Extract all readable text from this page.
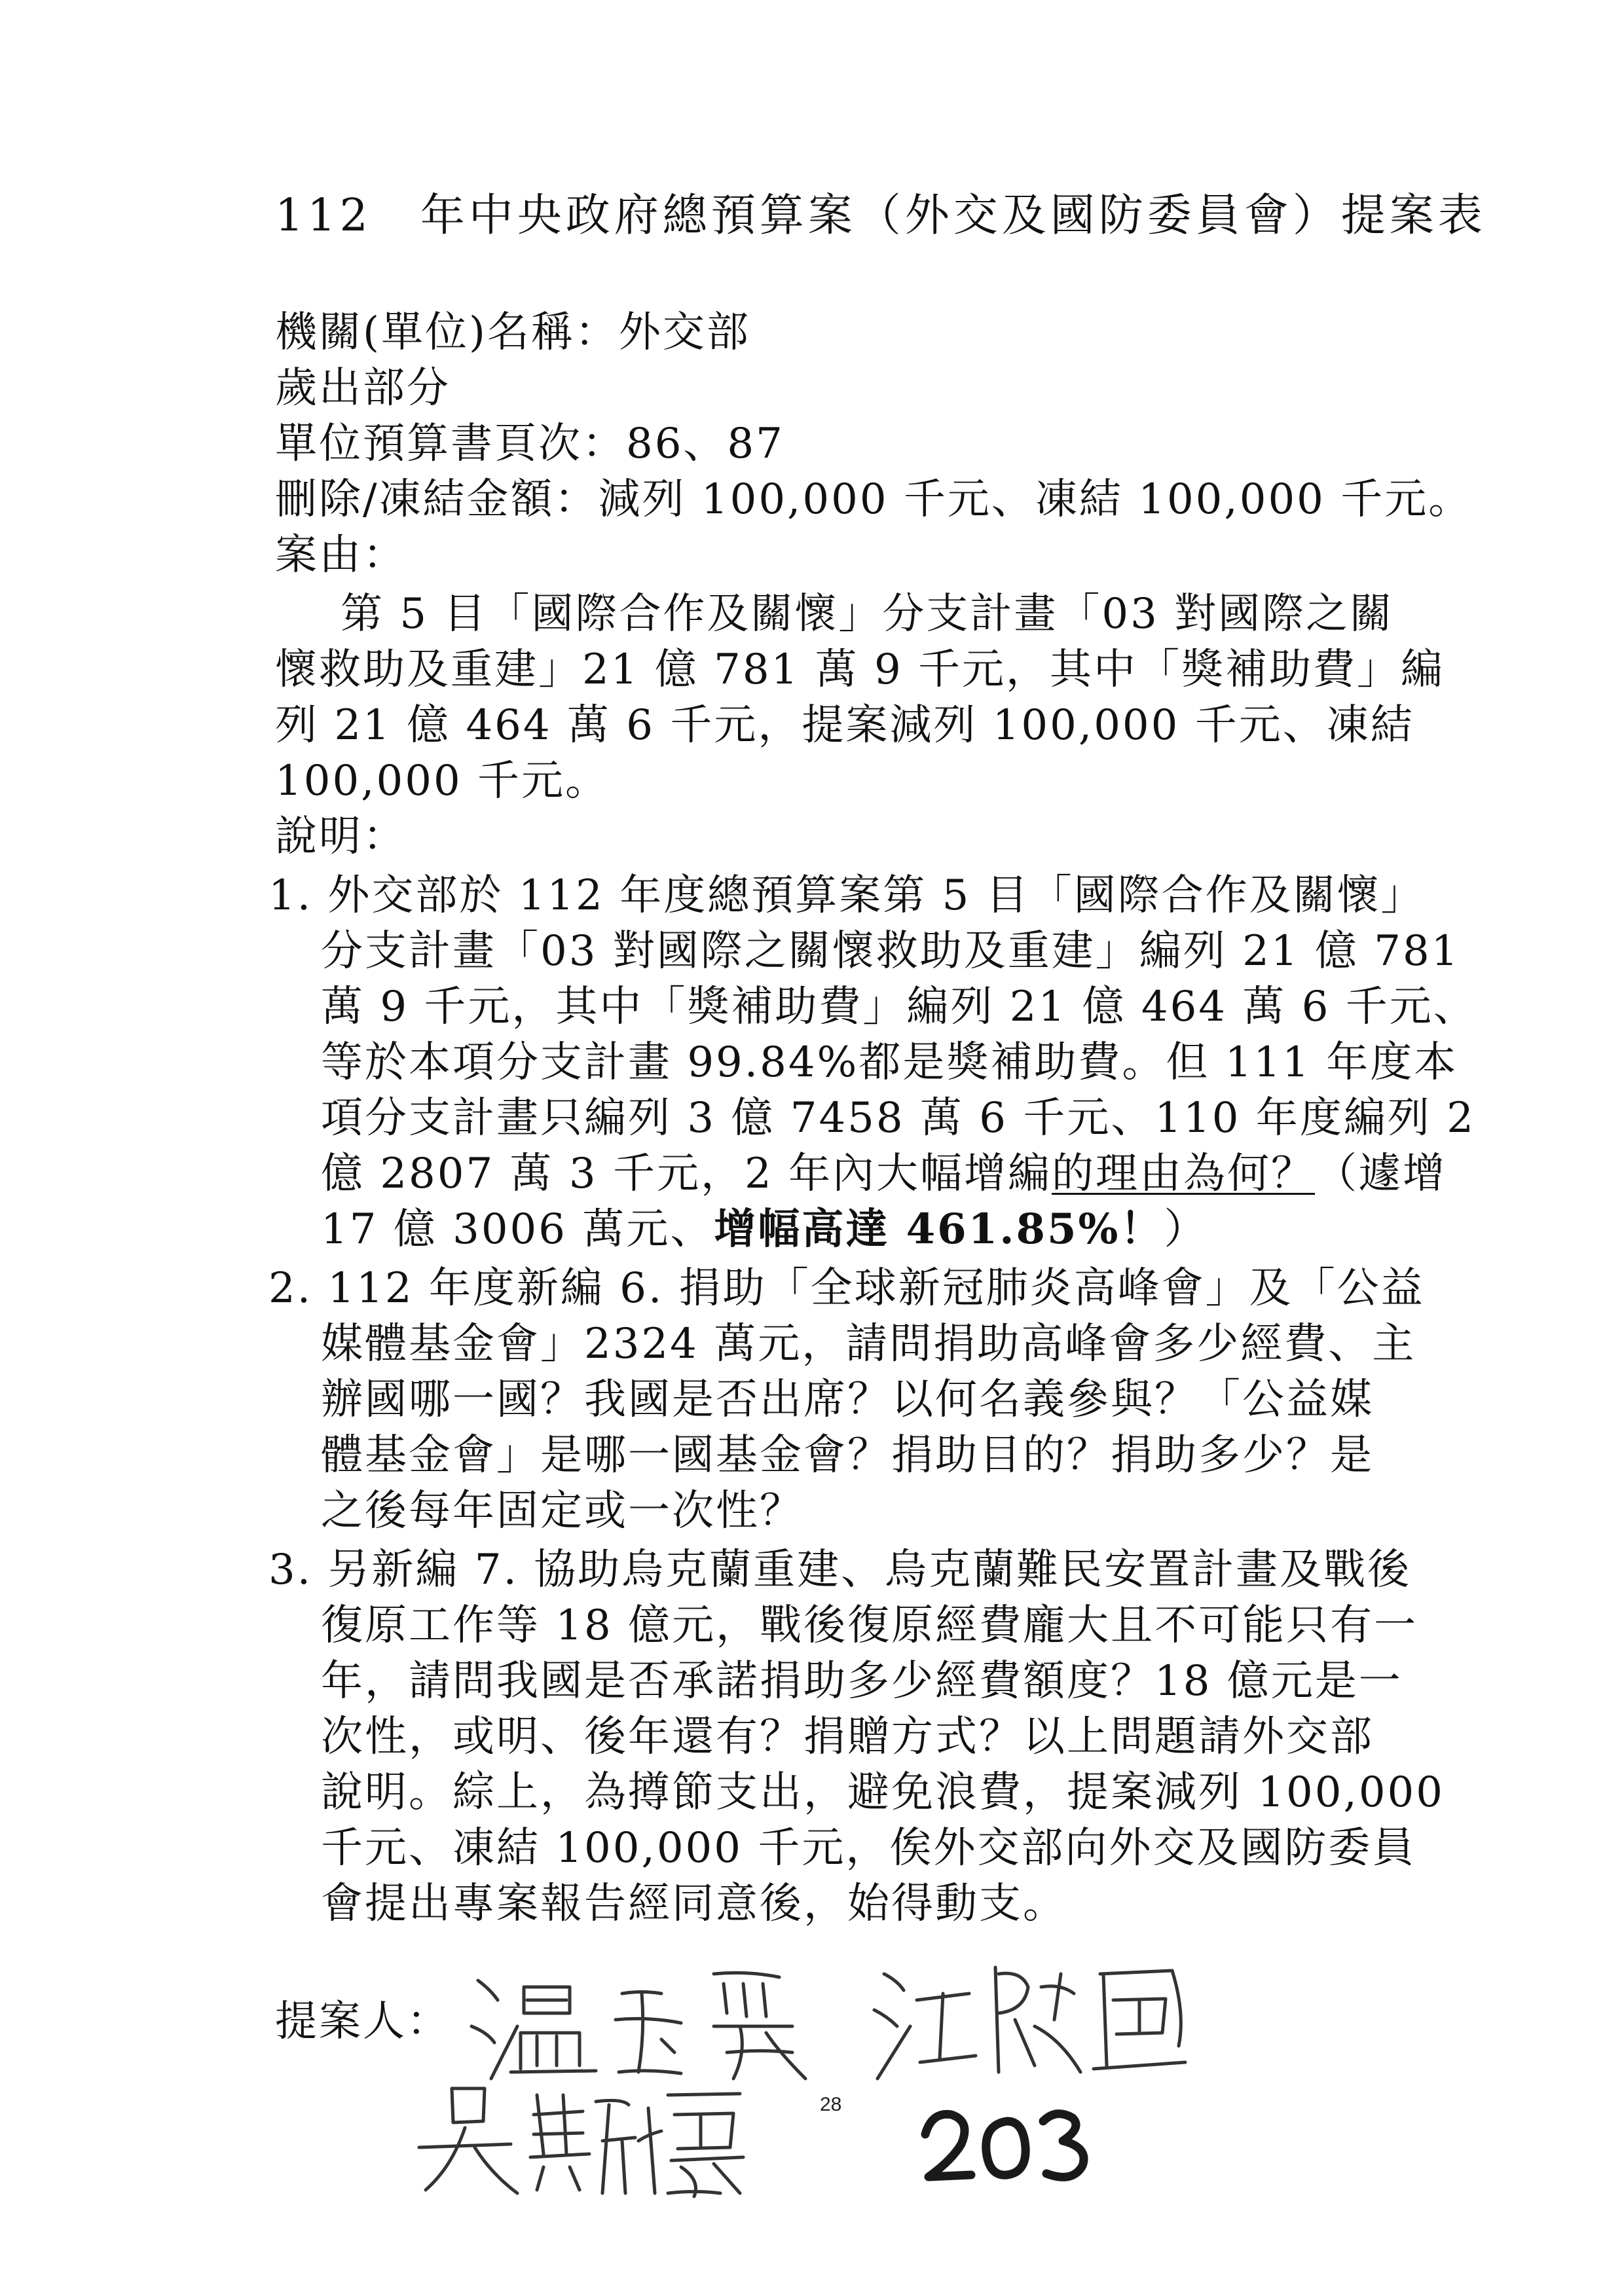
112　年中央政府總預算案（外交及國防委員會）提案表
機關(單位)名稱：外交部
歲出部分
單位預算書頁次：86、87
刪除/凍結金額：減列 100,000 千元、凍結 100,000 千元。
案由：
第 5 目「國際合作及關懷」分支計畫「03 對國際之關
懷救助及重建」21 億 781 萬 9 千元，其中「獎補助費」編
列 21 億 464 萬 6 千元，提案減列 100,000 千元、凍結
100,000 千元。
說明：
1. 外交部於 112 年度總預算案第 5 目「國際合作及關懷」
分支計畫「03 對國際之關懷救助及重建」編列 21 億 781
萬 9 千元，其中「獎補助費」編列 21 億 464 萬 6 千元、
等於本項分支計畫 99.84%都是獎補助費。但 111 年度本
項分支計畫只編列 3 億 7458 萬 6 千元、110 年度編列 2
億 2807 萬 3 千元，2 年內大幅增編的理由為何？（遽增
17 億 3006 萬元、增幅高達 461.85%！）
2. 112 年度新編 6. 捐助「全球新冠肺炎高峰會」及「公益
媒體基金會」2324 萬元，請問捐助高峰會多少經費、主
辦國哪一國？我國是否出席？以何名義參與？「公益媒
體基金會」是哪一國基金會？捐助目的？捐助多少？是
之後每年固定或一次性？
3. 另新編 7. 協助烏克蘭重建、烏克蘭難民安置計畫及戰後
復原工作等 18 億元，戰後復原經費龐大且不可能只有一
年，請問我國是否承諾捐助多少經費額度？18 億元是一
次性，或明、後年還有？捐贈方式？以上問題請外交部
說明。綜上，為撙節支出，避免浪費，提案減列 100,000
千元、凍結 100,000 千元，俟外交部向外交及國防委員
會提出專案報告經同意後，始得動支。
提案人：
28
